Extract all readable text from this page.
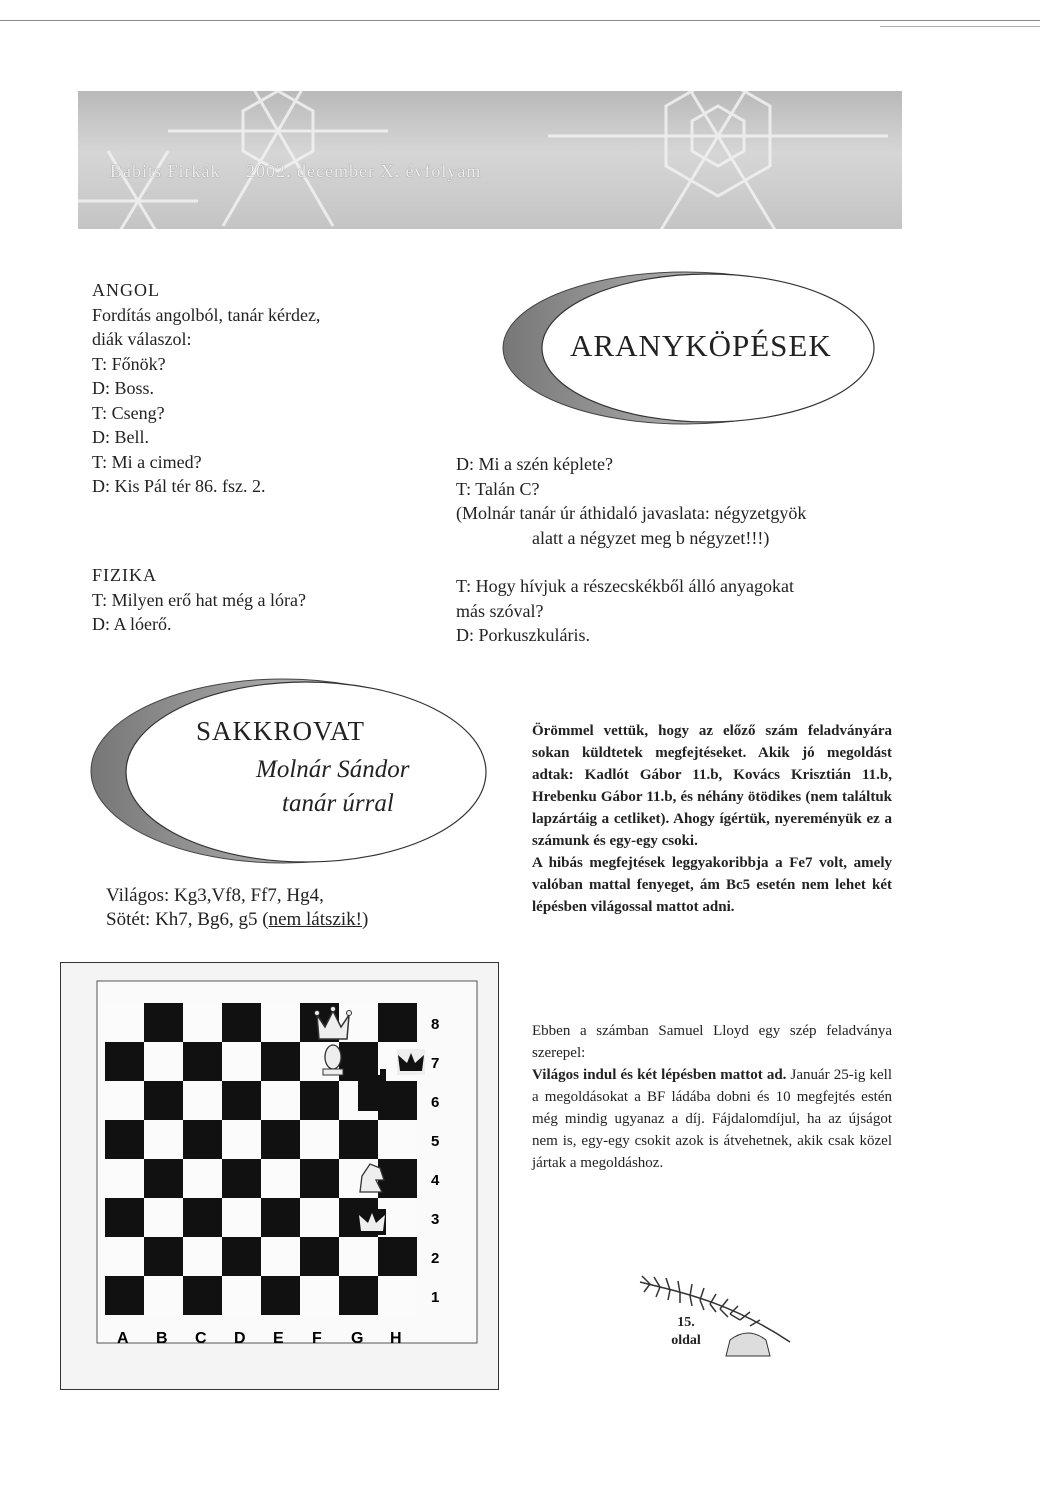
Babits Firkák 2002. december X. évfolyam
ANGOL
Fordítás angolból, tanár kérdez,
diák válaszol:
T: Főnök?
D: Boss.
T: Cseng?
D: Bell.
T: Mi a cimed?
D: Kis Pál tér 86. fsz. 2.
FIZIKA
T: Milyen erő hat még a lóra?
D: A lóerő.
ARANYKÖPÉSEK

D: Mi a szén képlete?

T: Talán C?

(Molnár tanár úr áthidaló javaslata: négyzetgyök

alatt a négyzet meg b négyzet!!!)

T: Hogy hívjuk a részecskékből álló anyagokat

más szóval?

D: Porkuszkuláris.

SAKKROVAT
Molnár Sándor
tanár úrral
Világos: Kg3,Vf8, Ff7, Hg4,
Sötét: Kh7, Bg6, g5 (nem látszik!)
8
7
6
5
4
3
2
1
A B C D E F G H
Örömmel vettük, hogy az előző szám feladványára sokan küldtetek megfejtéseket. Akik jó megoldást adtak: Kadlót Gábor 11.b, Kovács Krisztián 11.b, Hrebenku Gábor 11.b, és néhány ötödikes (nem találtuk lapzártáig a cetliket). Ahogy ígértük, nyereményük ez a számunk és egy-egy csoki.
A hibás megfejtések leggyakoribbja a Fe7 volt, amely valóban mattal fenyeget, ám Bc5 esetén nem lehet két lépésben világossal mattot adni.
Ebben a számban Samuel Lloyd egy szép feladványa szerepel:
Világos indul és két lépésben mattot ad. Január 25-ig kell a megoldásokat a BF ládába dobni és 10 megfejtés estén még mindig ugyanaz a díj. Fájdalomdíjul, ha az újságot nem is, egy-egy csokit azok is átvehetnek, akik csak közel jártak a megoldáshoz.
15.
oldal
